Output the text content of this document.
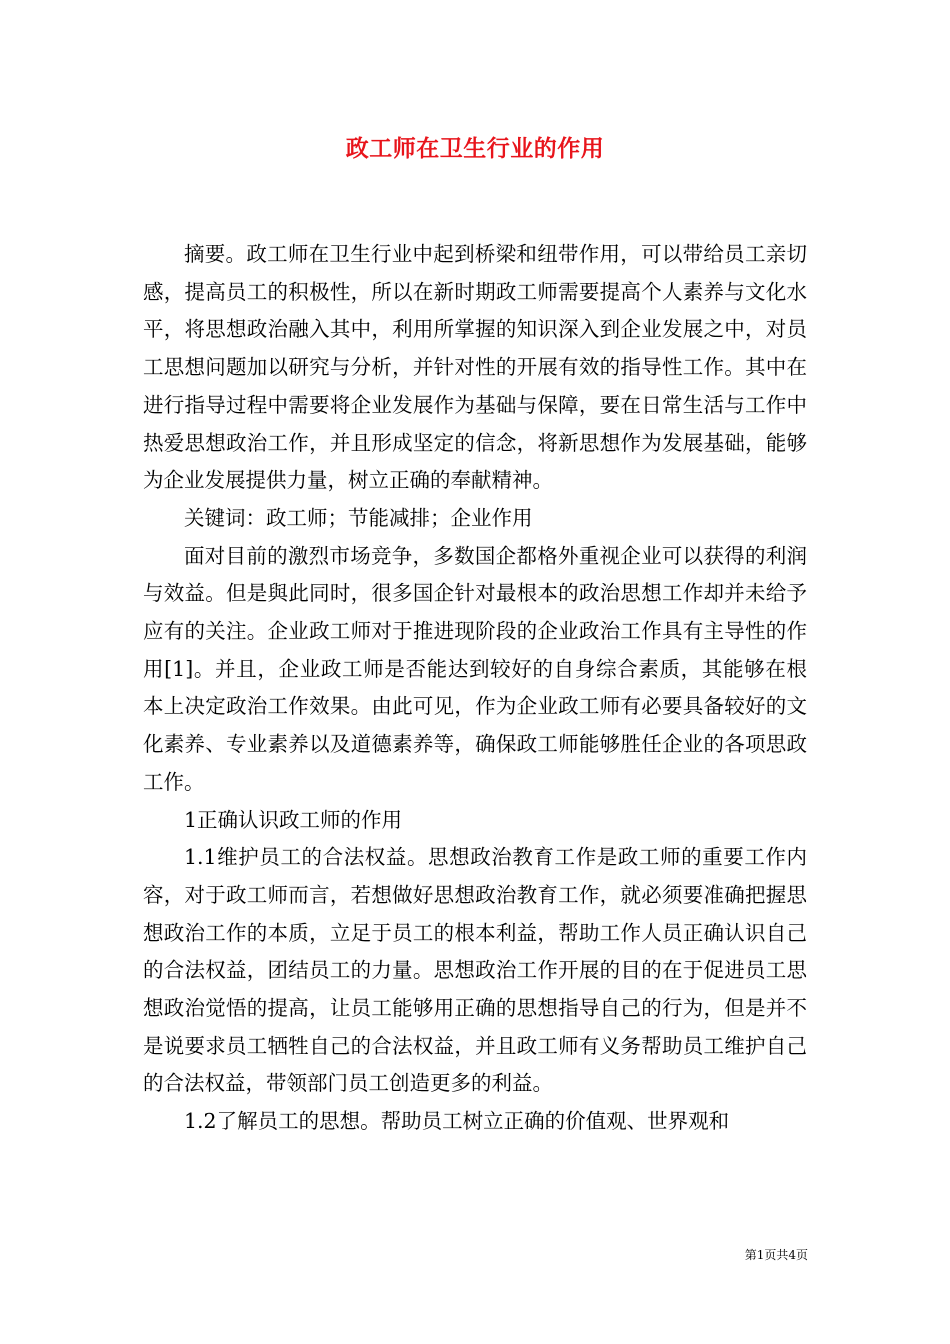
政工师在卫生行业的作用

摘要。政工师在卫生行业中起到桥梁和纽带作用，可以带给员工亲切感，提高员工的积极性，所以在新时期政工师需要提高个人素养与文化水平，将思想政治融入其中，利用所掌握的知识深入到企业发展之中，对员工思想问题加以研究与分析，并针对性的开展有效的指导性工作。其中在进行指导过程中需要将企业发展作为基础与保障，要在日常生活与工作中热爱思想政治工作，并且形成坚定的信念，将新思想作为发展基础，能够为企业发展提供力量，树立正确的奉献精神。

关键词：政工师；节能减排；企业作用

面对目前的激烈市场竞争，多数国企都格外重视企业可以获得的利润与效益。但是與此同时，很多国企针对最根本的政治思想工作却并未给予应有的关注。企业政工师对于推进现阶段的企业政治工作具有主导性的作用[1]。并且，企业政工师是否能达到较好的自身综合素质，其能够在根本上决定政治工作效果。由此可见，作为企业政工师有必要具备较好的文化素养、专业素养以及道德素养等，确保政工师能够胜任企业的各项思政工作。

1正确认识政工师的作用

1.1维护员工的合法权益。思想政治教育工作是政工师的重要工作内容，对于政工师而言，若想做好思想政治教育工作，就必须要准确把握思想政治工作的本质，立足于员工的根本利益，帮助工作人员正确认识自己的合法权益，团结员工的力量。思想政治工作开展的目的在于促进员工思想政治觉悟的提高，让员工能够用正确的思想指导自己的行为，但是并不是说要求员工牺牲自己的合法权益，并且政工师有义务帮助员工维护自己的合法权益，带领部门员工创造更多的利益。

1.2了解员工的思想。帮助员工树立正确的价值观、世界观和

第1页共4页
